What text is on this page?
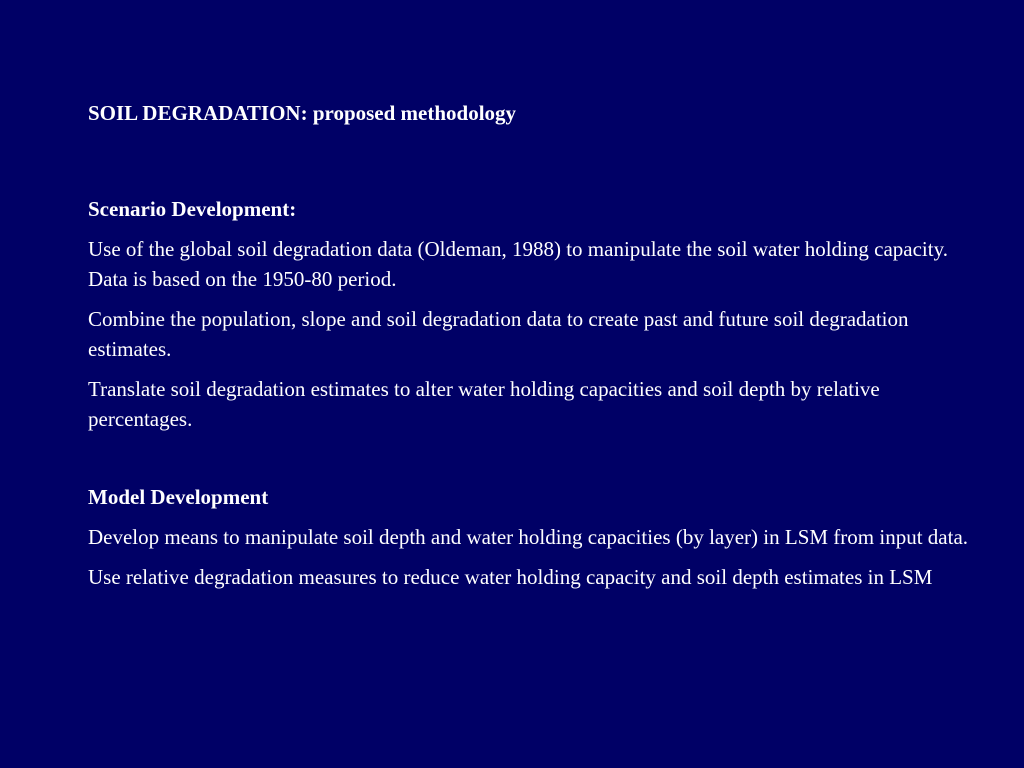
SOIL DEGRADATION: proposed methodology

Scenario Development:

Use of the global soil degradation data (Oldeman, 1988) to manipulate the soil water holding capacity. Data is based on the 1950-80 period.

Combine the population, slope and soil degradation data to create past and future soil degradation estimates.

Translate soil degradation estimates to alter water holding capacities and soil depth by relative percentages.

Model Development

Develop means to manipulate soil depth and water holding capacities (by layer) in LSM from input data.

Use relative degradation measures to reduce water holding capacity and soil depth estimates in LSM
